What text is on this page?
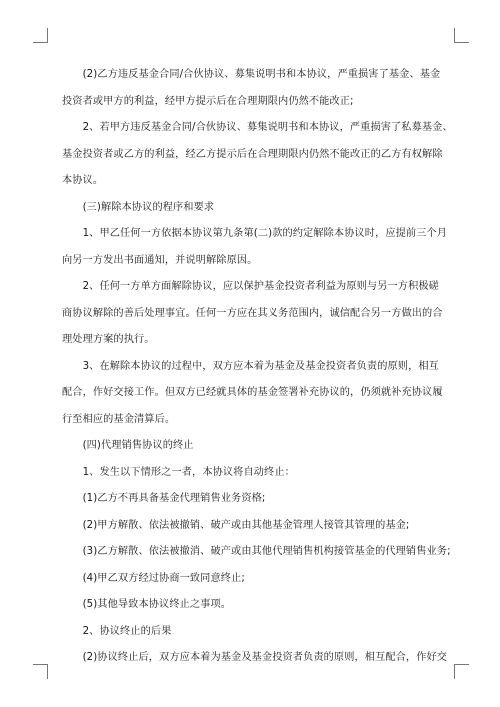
　　(2)乙方违反基金合同/合伙协议、募集说明书和本协议，严重损害了基金、基金

投资者或甲方的利益，经甲方提示后在合理期限内仍然不能改正;

　　2、若甲方违反基金合同/合伙协议、募集说明书和本协议，严重损害了私募基金、

基金投资者或乙方的利益，经乙方提示后在合理期限内仍然不能改正的乙方有权解除

本协议。

　　(三)解除本协议的程序和要求

　　1、甲乙任何一方依据本协议第九条第(二)款的约定解除本协议时，应提前三个月

向另一方发出书面通知，并说明解除原因。

　　2、任何一方单方面解除协议，应以保护基金投资者利益为原则与另一方积极磋

商协议解除的善后处理事宜。任何一方应在其义务范围内，诚信配合另一方做出的合

理处理方案的执行。

　　3、在解除本协议的过程中，双方应本着为基金及基金投资者负责的原则，相互

配合，作好交接工作。但双方已经就具体的基金签署补充协议的，仍须就补充协议履

行至相应的基金清算后。

　　(四)代理销售协议的终止

　　1、发生以下情形之一者，本协议将自动终止：

　　(1)乙方不再具备基金代理销售业务资格;

　　(2)甲方解散、依法被撤销、破产或由其他基金管理人接管其管理的基金;

　　(3)乙方解散、依法被撤消、破产或由其他代理销售机构接管基金的代理销售业务;

　　(4)甲乙双方经过协商一致同意终止;

　　(5)其他导致本协议终止之事项。

　　2、协议终止的后果

　　(2)协议终止后，双方应本着为基金及基金投资者负责的原则，相互配合，作好交
